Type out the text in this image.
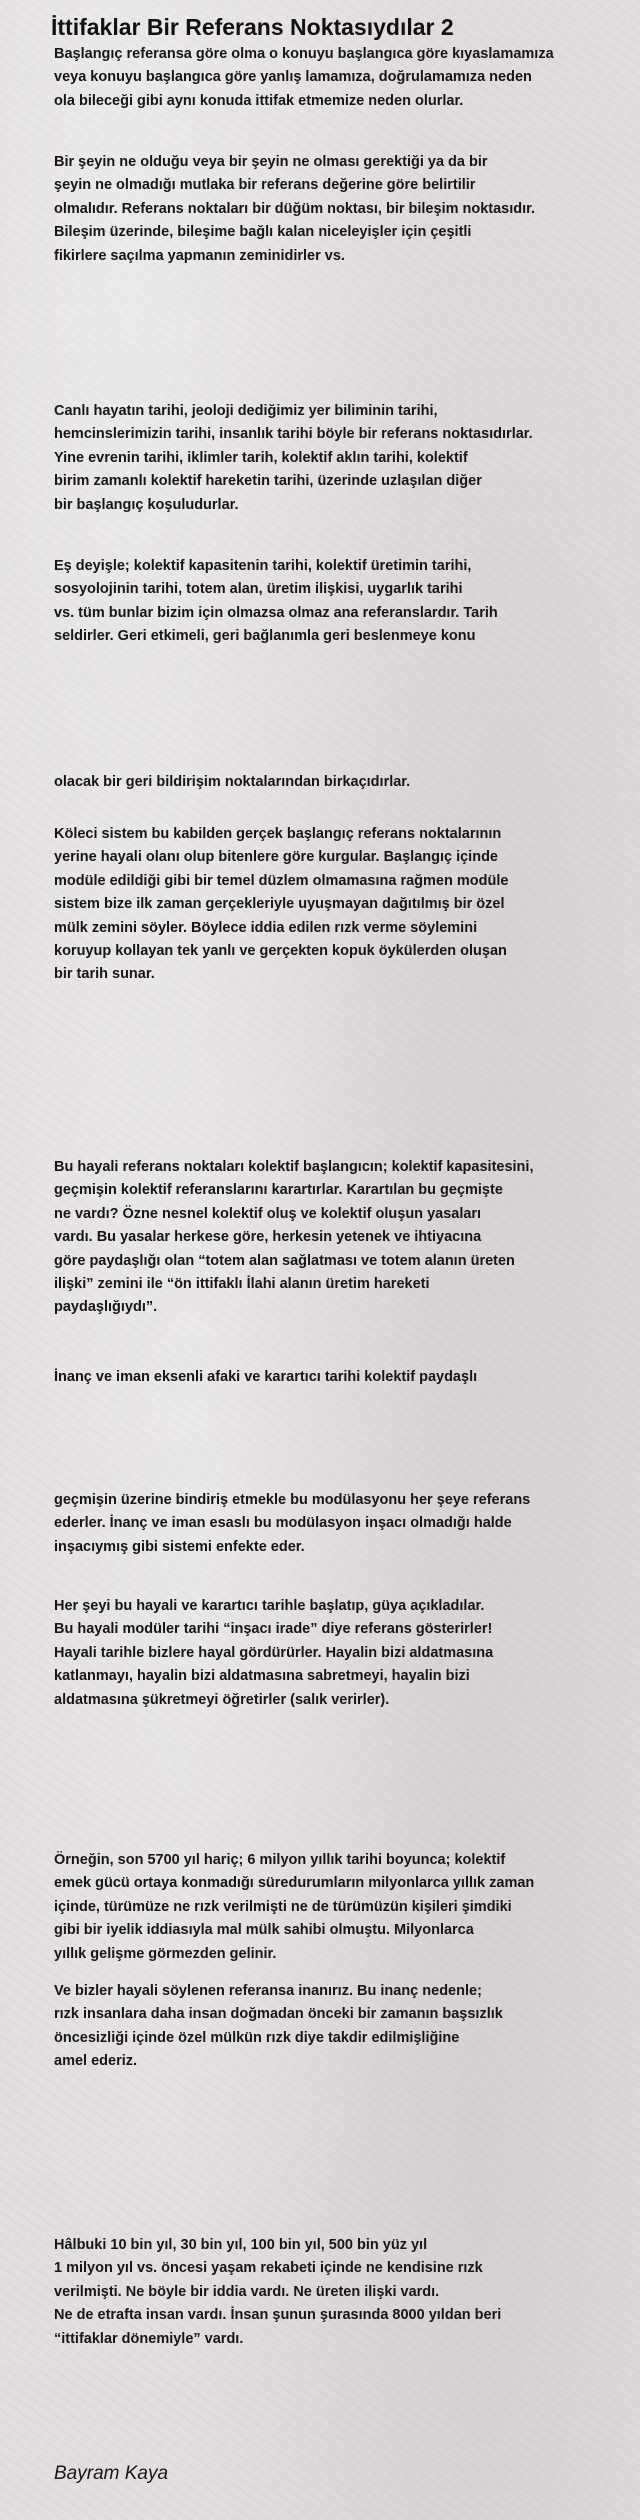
İttifaklar Bir Referans Noktasıydılar 2
Başlangıç referansa göre olma o konuyu başlangıca göre kıyaslamamıza
veya konuyu başlangıca göre yanlış lamamıza, doğrulamamıza neden
ola bileceği gibi aynı konuda ittifak etmemize neden olurlar.
Bir şeyin ne olduğu veya bir şeyin ne olması gerektiği ya da bir
şeyin ne olmadığı mutlaka bir referans değerine göre belirtilir
olmalıdır. Referans noktaları bir düğüm noktası, bir bileşim noktasıdır.
Bileşim üzerinde, bileşime bağlı kalan niceleyişler için çeşitli
fikirlere saçılma yapmanın zeminidirler vs.
Canlı hayatın tarihi, jeoloji dediğimiz yer biliminin tarihi,
hemcinslerimizin tarihi, insanlık tarihi böyle bir referans noktasıdırlar.
Yine evrenin tarihi, iklimler tarih, kolektif aklın tarihi, kolektif
birim zamanlı kolektif hareketin tarihi, üzerinde uzlaşılan diğer
bir başlangıç koşuludurlar.
Eş deyişle; kolektif kapasitenin tarihi, kolektif üretimin tarihi,
sosyolojinin tarihi, totem alan, üretim ilişkisi, uygarlık tarihi
vs. tüm bunlar bizim için olmazsa olmaz ana referanslardır. Tarih
seldirler. Geri etkimeli, geri bağlanımla geri beslenmeye konu
olacak bir geri bildirişim noktalarından birkaçıdırlar.
Köleci sistem bu kabilden gerçek başlangıç referans noktalarının
yerine hayali olanı olup bitenlere göre kurgular. Başlangıç içinde
modüle edildiği gibi bir temel düzlem olmamasına rağmen modüle
sistem bize ilk zaman gerçekleriyle uyuşmayan dağıtılmış bir özel
mülk zemini söyler. Böylece iddia edilen rızk verme söylemini
koruyup kollayan tek yanlı ve gerçekten kopuk öykülerden oluşan
bir tarih sunar.
Bu hayali referans noktaları kolektif başlangıcın; kolektif kapasitesini,
geçmişin kolektif referanslarını karartırlar. Karartılan bu geçmişte
ne vardı? Özne nesnel kolektif oluş ve kolektif oluşun yasaları
vardı. Bu yasalar herkese göre, herkesin yetenek ve ihtiyacına
göre paydaşlığı olan “totem alan sağlatması ve totem alanın üreten
ilişki” zemini ile “ön ittifaklı İlahi alanın üretim hareketi
paydaşlığıydı”.
İnanç ve iman eksenli afaki ve karartıcı tarihi kolektif paydaşlı
geçmişin üzerine bindiriş etmekle bu modülasyonu her şeye referans
ederler. İnanç ve iman esaslı bu modülasyon inşacı olmadığı halde
inşacıymış gibi sistemi enfekte eder.
Her şeyi bu hayali ve karartıcı tarihle başlatıp, güya açıkladılar.
Bu hayali modüler tarihi “inşacı irade” diye referans gösterirler!
Hayali tarihle bizlere hayal gördürürler. Hayalin bizi aldatmasına
katlanmayı, hayalin bizi aldatmasına sabretmeyi, hayalin bizi
aldatmasına şükretmeyi öğretirler (salık verirler).
Örneğin, son 5700 yıl hariç; 6 milyon yıllık tarihi boyunca; kolektif
emek gücü ortaya konmadığı süredurumların milyonlarca yıllık zaman
içinde, türümüze ne rızk verilmişti ne de türümüzün kişileri şimdiki
gibi bir iyelik iddiasıyla mal mülk sahibi olmuştu. Milyonlarca
yıllık gelişme görmezden gelinir.
Ve bizler hayali söylenen referansa inanırız. Bu inanç nedenle;
rızk insanlara daha insan doğmadan önceki bir zamanın başsızlık
öncesizliği içinde özel mülkün rızk diye takdir edilmişliğine
amel ederiz.
Hâlbuki 10 bin yıl, 30 bin yıl, 100 bin yıl, 500 bin yüz yıl
1 milyon yıl vs. öncesi yaşam rekabeti içinde ne kendisine rızk
verilmişti. Ne böyle bir iddia vardı. Ne üreten ilişki vardı.
Ne de etrafta insan vardı. İnsan şunun şurasında 8000 yıldan beri
“ittifaklar dönemiyle” vardı.
Bayram Kaya
